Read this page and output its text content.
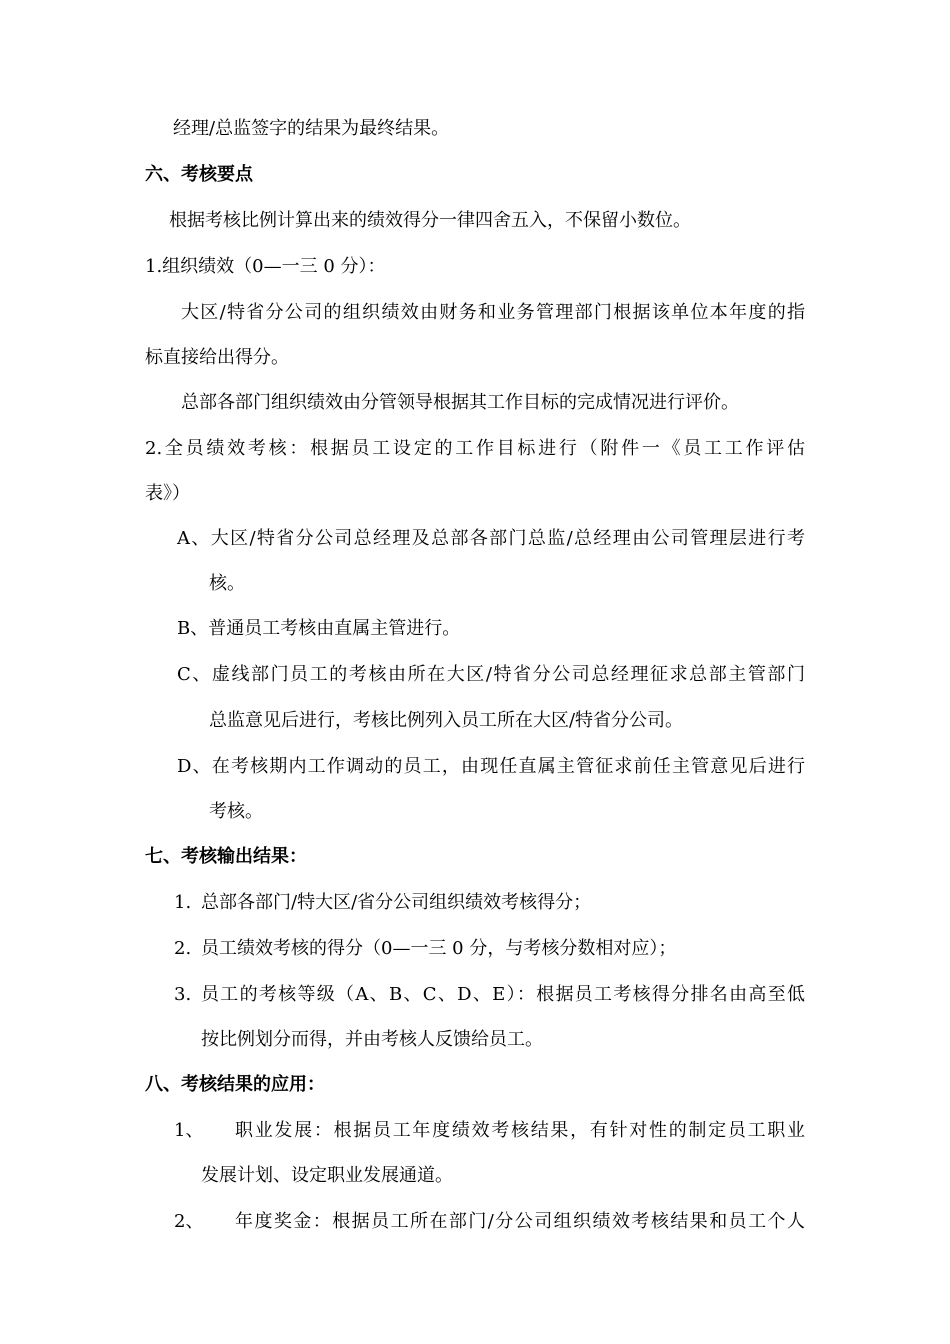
经理/总监签字的结果为最终结果。
六、考核要点
根据考核比例计算出来的绩效得分一律四舍五入，不保留小数位。
1.组织绩效（0—一三 0 分）：
大区/特省分公司的组织绩效由财务和业务管理部门根据该单位本年度的指
标直接给出得分。
总部各部门组织绩效由分管领导根据其工作目标的完成情况进行评价。
2.全员绩效考核：根据员工设定的工作目标进行（附件一《员工工作评估
表》）
A、大区/特省分公司总经理及总部各部门总监/总经理由公司管理层进行考
核。
B、普通员工考核由直属主管进行。
C、虚线部门员工的考核由所在大区/特省分公司总经理征求总部主管部门
总监意见后进行，考核比例列入员工所在大区/特省分公司。
D、在考核期内工作调动的员工，由现任直属主管征求前任主管意见后进行
考核。
七、考核输出结果：
1. 总部各部门/特大区/省分公司组织绩效考核得分；
2. 员工绩效考核的得分（0—一三 0 分，与考核分数相对应）；
3. 员工的考核等级（A、B、C、D、E）：根据员工考核得分排名由高至低
按比例划分而得，并由考核人反馈给员工。
八、考核结果的应用：
1、 职业发展：根据员工年度绩效考核结果，有针对性的制定员工职业
发展计划、设定职业发展通道。
2、 年度奖金：根据员工所在部门/分公司组织绩效考核结果和员工个人
